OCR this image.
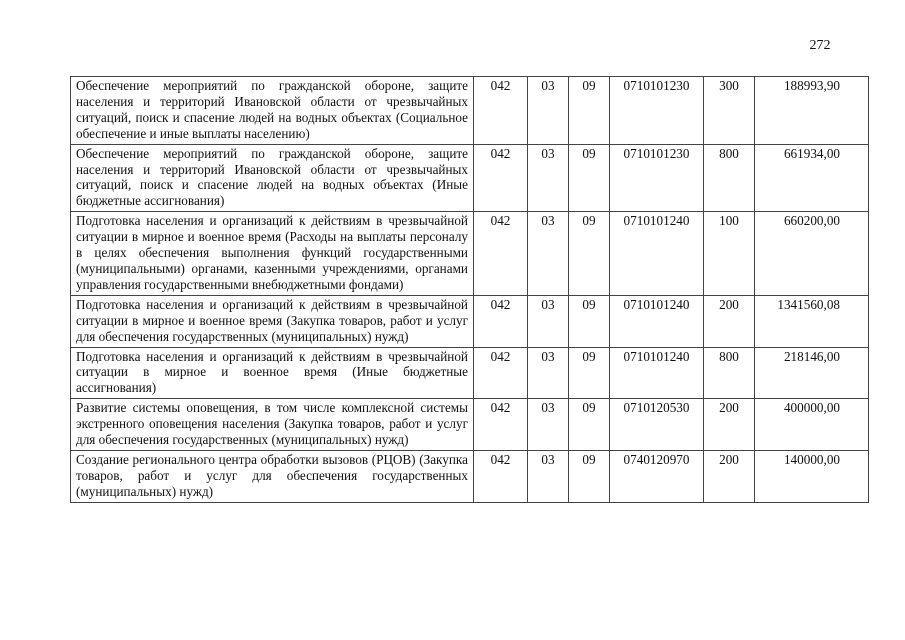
272
Обеспечение мероприятий по гражданской обороне, защите населения и территорий Ивановской области от чрезвычайных ситуаций, поиск и спасение людей на водных объектах (Социальное обеспечение и иные выплаты населению)	042	03	09	0710101230	300	188993,90
Обеспечение мероприятий по гражданской обороне, защите населения и территорий Ивановской области от чрезвычайных ситуаций, поиск и спасение людей на водных объектах (Иные бюджетные ассигнования)	042	03	09	0710101230	800	661934,00
Подготовка населения и организаций к действиям в чрезвычайной ситуации в мирное и военное время (Расходы на выплаты персоналу в целях обеспечения выполнения функций государственными (муниципальными) органами, казенными учреждениями, органами управления государственными внебюджетными фондами)	042	03	09	0710101240	100	660200,00
Подготовка населения и организаций к действиям в чрезвычайной ситуации в мирное и военное время (Закупка товаров, работ и услуг для обеспечения государственных (муниципальных) нужд)	042	03	09	0710101240	200	1341560,08
Подготовка населения и организаций к действиям в чрезвычайной ситуации в мирное и военное время (Иные бюджетные ассигнования)	042	03	09	0710101240	800	218146,00
Развитие системы оповещения, в том числе комплексной системы экстренного оповещения населения (Закупка товаров, работ и услуг для обеспечения государственных (муниципальных) нужд)	042	03	09	0710120530	200	400000,00
Создание регионального центра обработки вызовов (РЦОВ) (Закупка товаров, работ и услуг для обеспечения государственных (муниципальных) нужд)	042	03	09	0740120970	200	140000,00
